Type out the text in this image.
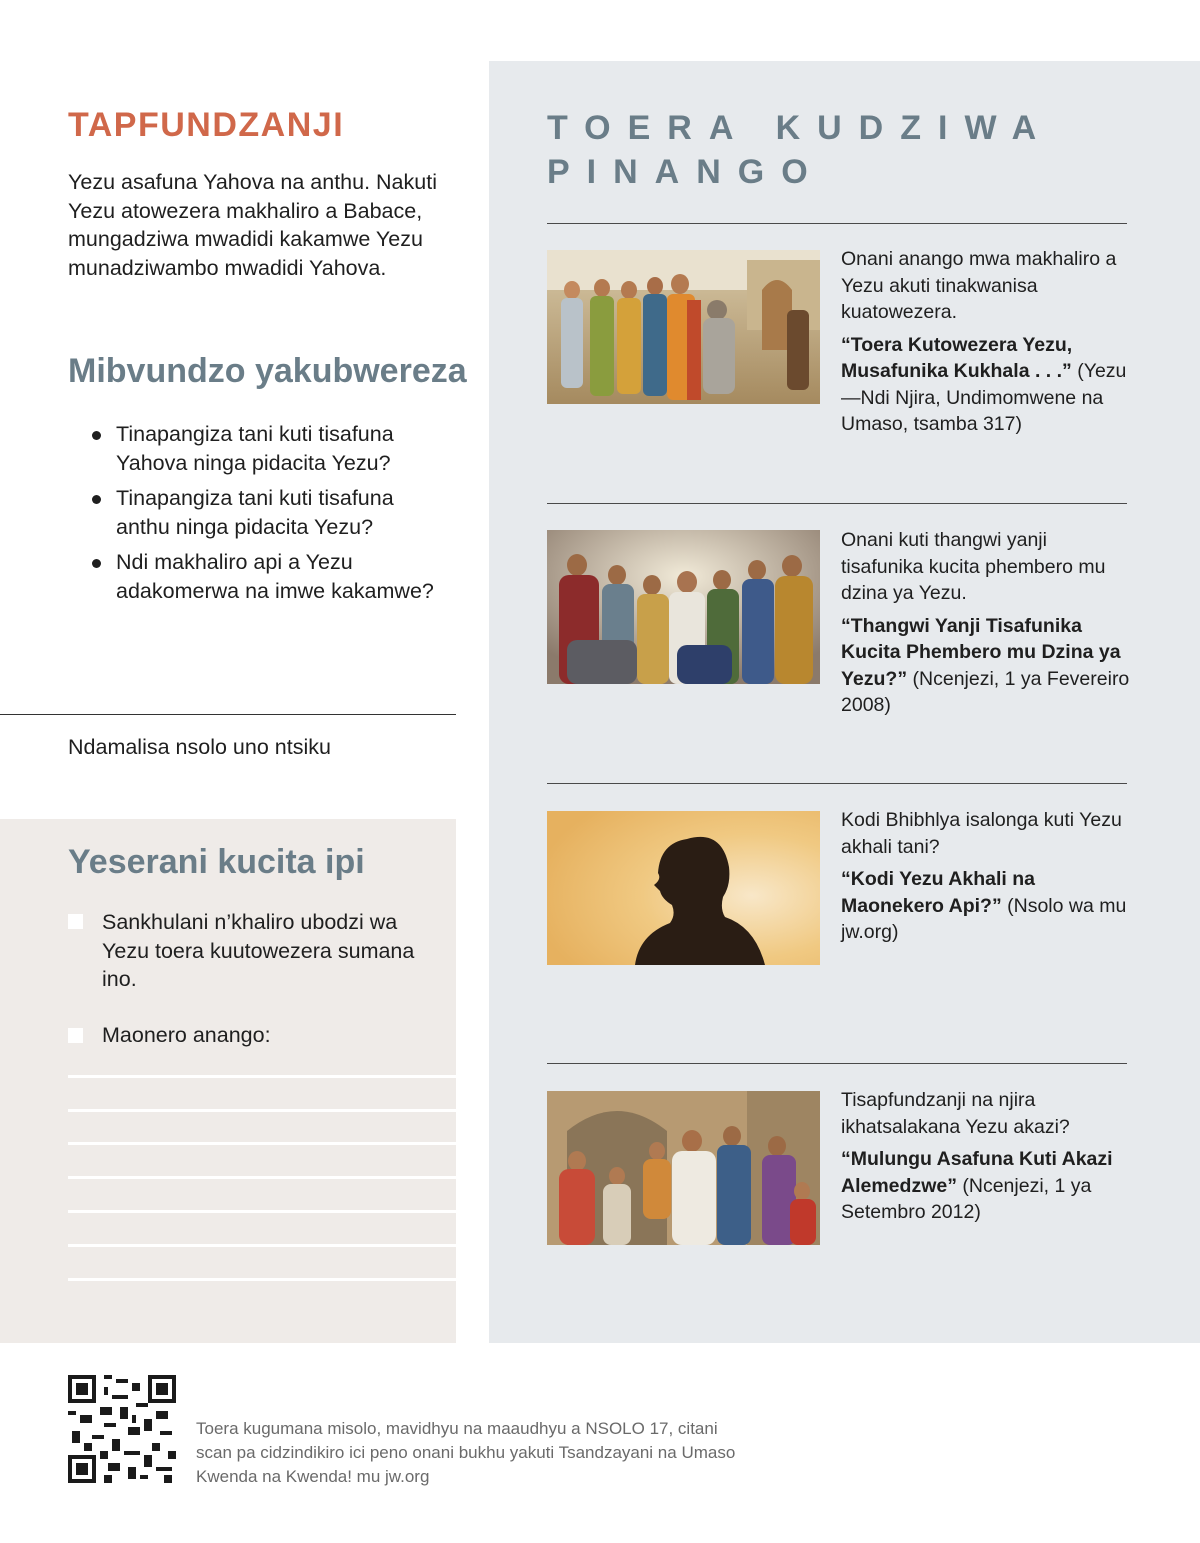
TAPFUNDZANJI
Yezu asafuna Yahova na anthu. Nakuti Yezu atowezera makhaliro a Babace, mungadziwa mwadidi kakamwe Yezu munadziwambo mwadidi Yahova.
Mibvundzo yakubwereza
Tinapangiza tani kuti tisafuna Yahova ninga pidacita Yezu?
Tinapangiza tani kuti tisafuna anthu ninga pidacita Yezu?
Ndi makhaliro api a Yezu adakomerwa na imwe kakamwe?
Ndamalisa nsolo uno ntsiku
Yeserani kucita ipi
Sankhulani n’khaliro ubodzi wa Yezu toera kuutowezera sumana ino.
Maonero anango:
TOERA KUDZIWA PINANGO

Onani anango mwa makhaliro a Yezu akuti tinakwanisa kuatowezera.

“Toera Kutowezera Yezu, Musafunika Kukhala . . .” (Yezu—Ndi Njira, Undimomwene na Umaso, tsamba 317)

Onani kuti thangwi yanji tisafunika kucita phembero mu dzina ya Yezu.

“Thangwi Yanji Tisafunika Kucita Phembero mu Dzina ya Yezu?” (Ncenjezi, 1 ya Fevereiro 2008)

Kodi Bhibhlya isalonga kuti Yezu akhali tani?

“Kodi Yezu Akhali na Maonekero Api?” (Nsolo wa mu jw.org)

Tisapfundzanji na njira ikhatsalakana Yezu akazi?

“Mulungu Asafuna Kuti Akazi Alemedzwe” (Ncenjezi, 1 ya Setembro 2012)

Toera kugumana misolo, mavidhyu na maaudhyu a NSOLO 17, citani scan pa cidzindikiro ici peno onani bukhu yakuti Tsandzayani na Umaso Kwenda na Kwenda! mu jw.org
